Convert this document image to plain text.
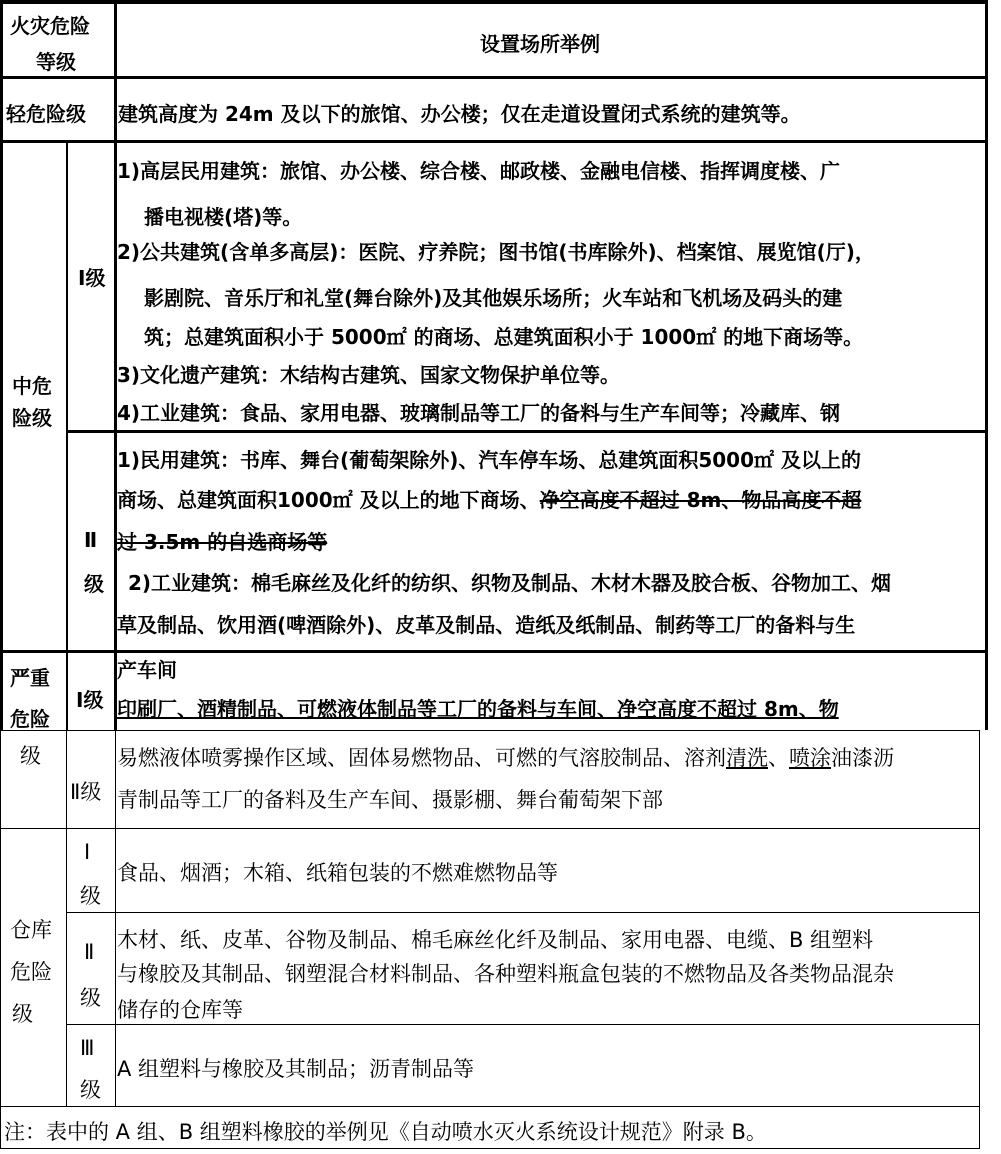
火灾危险
等级
设置场所举例
轻危险级 建筑高度为 24m 及以下的旅馆、办公楼；仅在走道设置闭式系统的建筑等。
中危
险级
Ⅰ级
1)高层民用建筑：旅馆、办公楼、综合楼、邮政楼、金融电信楼、指挥调度楼、广
播电视楼(塔)等。
2)公共建筑(含单多高层)：医院、疗养院；图书馆(书库除外)、档案馆、展览馆(厅)，
影剧院、音乐厅和礼堂(舞台除外)及其他娱乐场所；火车站和飞机场及码头的建
筑；总建筑面积小于 5000㎡ 的商场、总建筑面积小于 1000㎡ 的地下商场等。
3)文化遗产建筑：木结构古建筑、国家文物保护单位等。
4)工业建筑：食品、家用电器、玻璃制品等工厂的备料与生产车间等；冷藏库、钢
Ⅱ
级
1)民用建筑：书库、舞台(葡萄架除外)、汽车停车场、总建筑面积5000㎡ 及以上的
商场、总建筑面积1000㎡ 及以上的地下商场、净空高度不超过 8m、物品高度不超
过 3.5m 的自选商场等
2)工业建筑：棉毛麻丝及化纤的纺织、织物及制品、木材木器及胶合板、谷物加工、烟
草及制品、饮用酒(啤酒除外)、皮革及制品、造纸及纸制品、制药等工厂的备料与生
产车间
严重
危险
级
Ⅰ级 印刷厂、酒精制品、可燃液体制品等工厂的备料与车间、净空高度不超过 8m、物
Ⅱ级
易燃液体喷雾操作区域、固体易燃物品、可燃的气溶胶制品、溶剂清洗、喷涂油漆沥
青制品等工厂的备料及生产车间、摄影棚、舞台葡萄架下部
仓库
危险
级
Ⅰ
级
食品、烟酒；木箱、纸箱包装的不燃难燃物品等
Ⅱ
级
木材、纸、皮革、谷物及制品、棉毛麻丝化纤及制品、家用电器、电缆、B 组塑料
与橡胶及其制品、钢塑混合材料制品、各种塑料瓶盒包装的不燃物品及各类物品混杂
储存的仓库等
Ⅲ
级
A 组塑料与橡胶及其制品；沥青制品等
注：表中的 A 组、B 组塑料橡胶的举例见《自动喷水灭火系统设计规范》附录 B。
